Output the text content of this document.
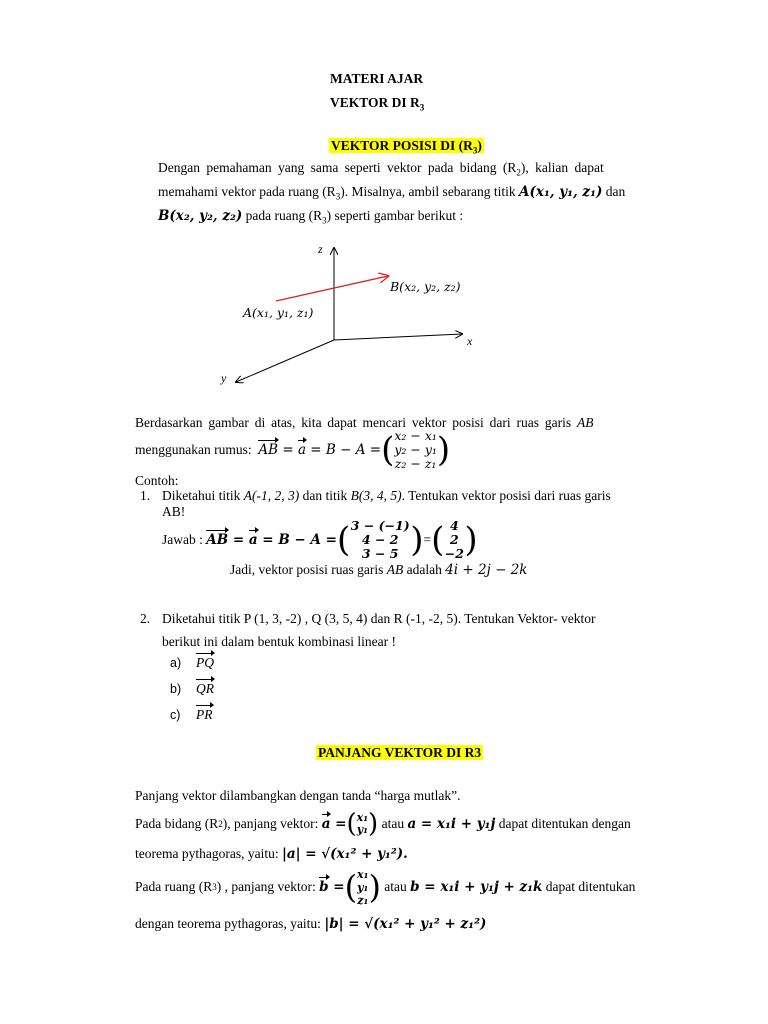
MATERI AJAR
VEKTOR DI $R_3$
VEKTOR POSISI DI $(R_3)$
Dengan pemahaman yang sama seperti vektor pada bidang $(R_2)$, kalian dapat
memahami vektor pada ruang $(R_3)$. Misalnya, ambil sebarang titik A(x₁, y₁, z₁) dan
B(x₂, y₂, z₂) pada ruang $(R_3)$ seperti gambar berikut :
z
x
y
B(x₂, y₂, z₂)
A(x₁, y₁, z₁)
Berdasarkan gambar di atas, kita dapat mencari vektor posisi dari ruas garis AB
menggunakan rumus:
AB = a = B − A = ( x₂ − x₁
y₂ − y₁
z₂ − z₁ )
Contoh:
1. Diketahui titik A(-1, 2, 3) dan titik B(3, 4, 5). Tentukan vektor posisi dari ruas garis
AB!
Jawab :
AB = a = B − A = ( 3 − (−1)
4 − 2
3 − 5 ) = ( 4
2
−2 )
Jadi, vektor posisi ruas garis AB adalah 4i + 2j − 2k
2. Diketahui titik P (1, 3, -2) , Q (3, 5, 4) dan R (-1, -2, 5). Tentukan Vektor- vektor
berikut ini dalam bentuk kombinasi linear !
a) PQ
b) QR
c) PR
PANJANG VEKTOR DI R3
Panjang vektor dilambangkan dengan tanda “harga mutlak”.
Pada bidang (R 2 ), panjang vektor:
a = ( x₁
y₁ )
atau
a = x₁i + y₁j
dapat ditentukan dengan
teorema pythagoras, yaitu: |a| = √(x₁² + y₁²).
Pada ruang (R 3 ) , panjang vektor:
b = ( x₁
y₁
z₁ )
atau
b = x₁i + y₁j + z₁k
dapat ditentukan
dengan teorema pythagoras, yaitu: |b| = √(x₁² + y₁² + z₁²)
